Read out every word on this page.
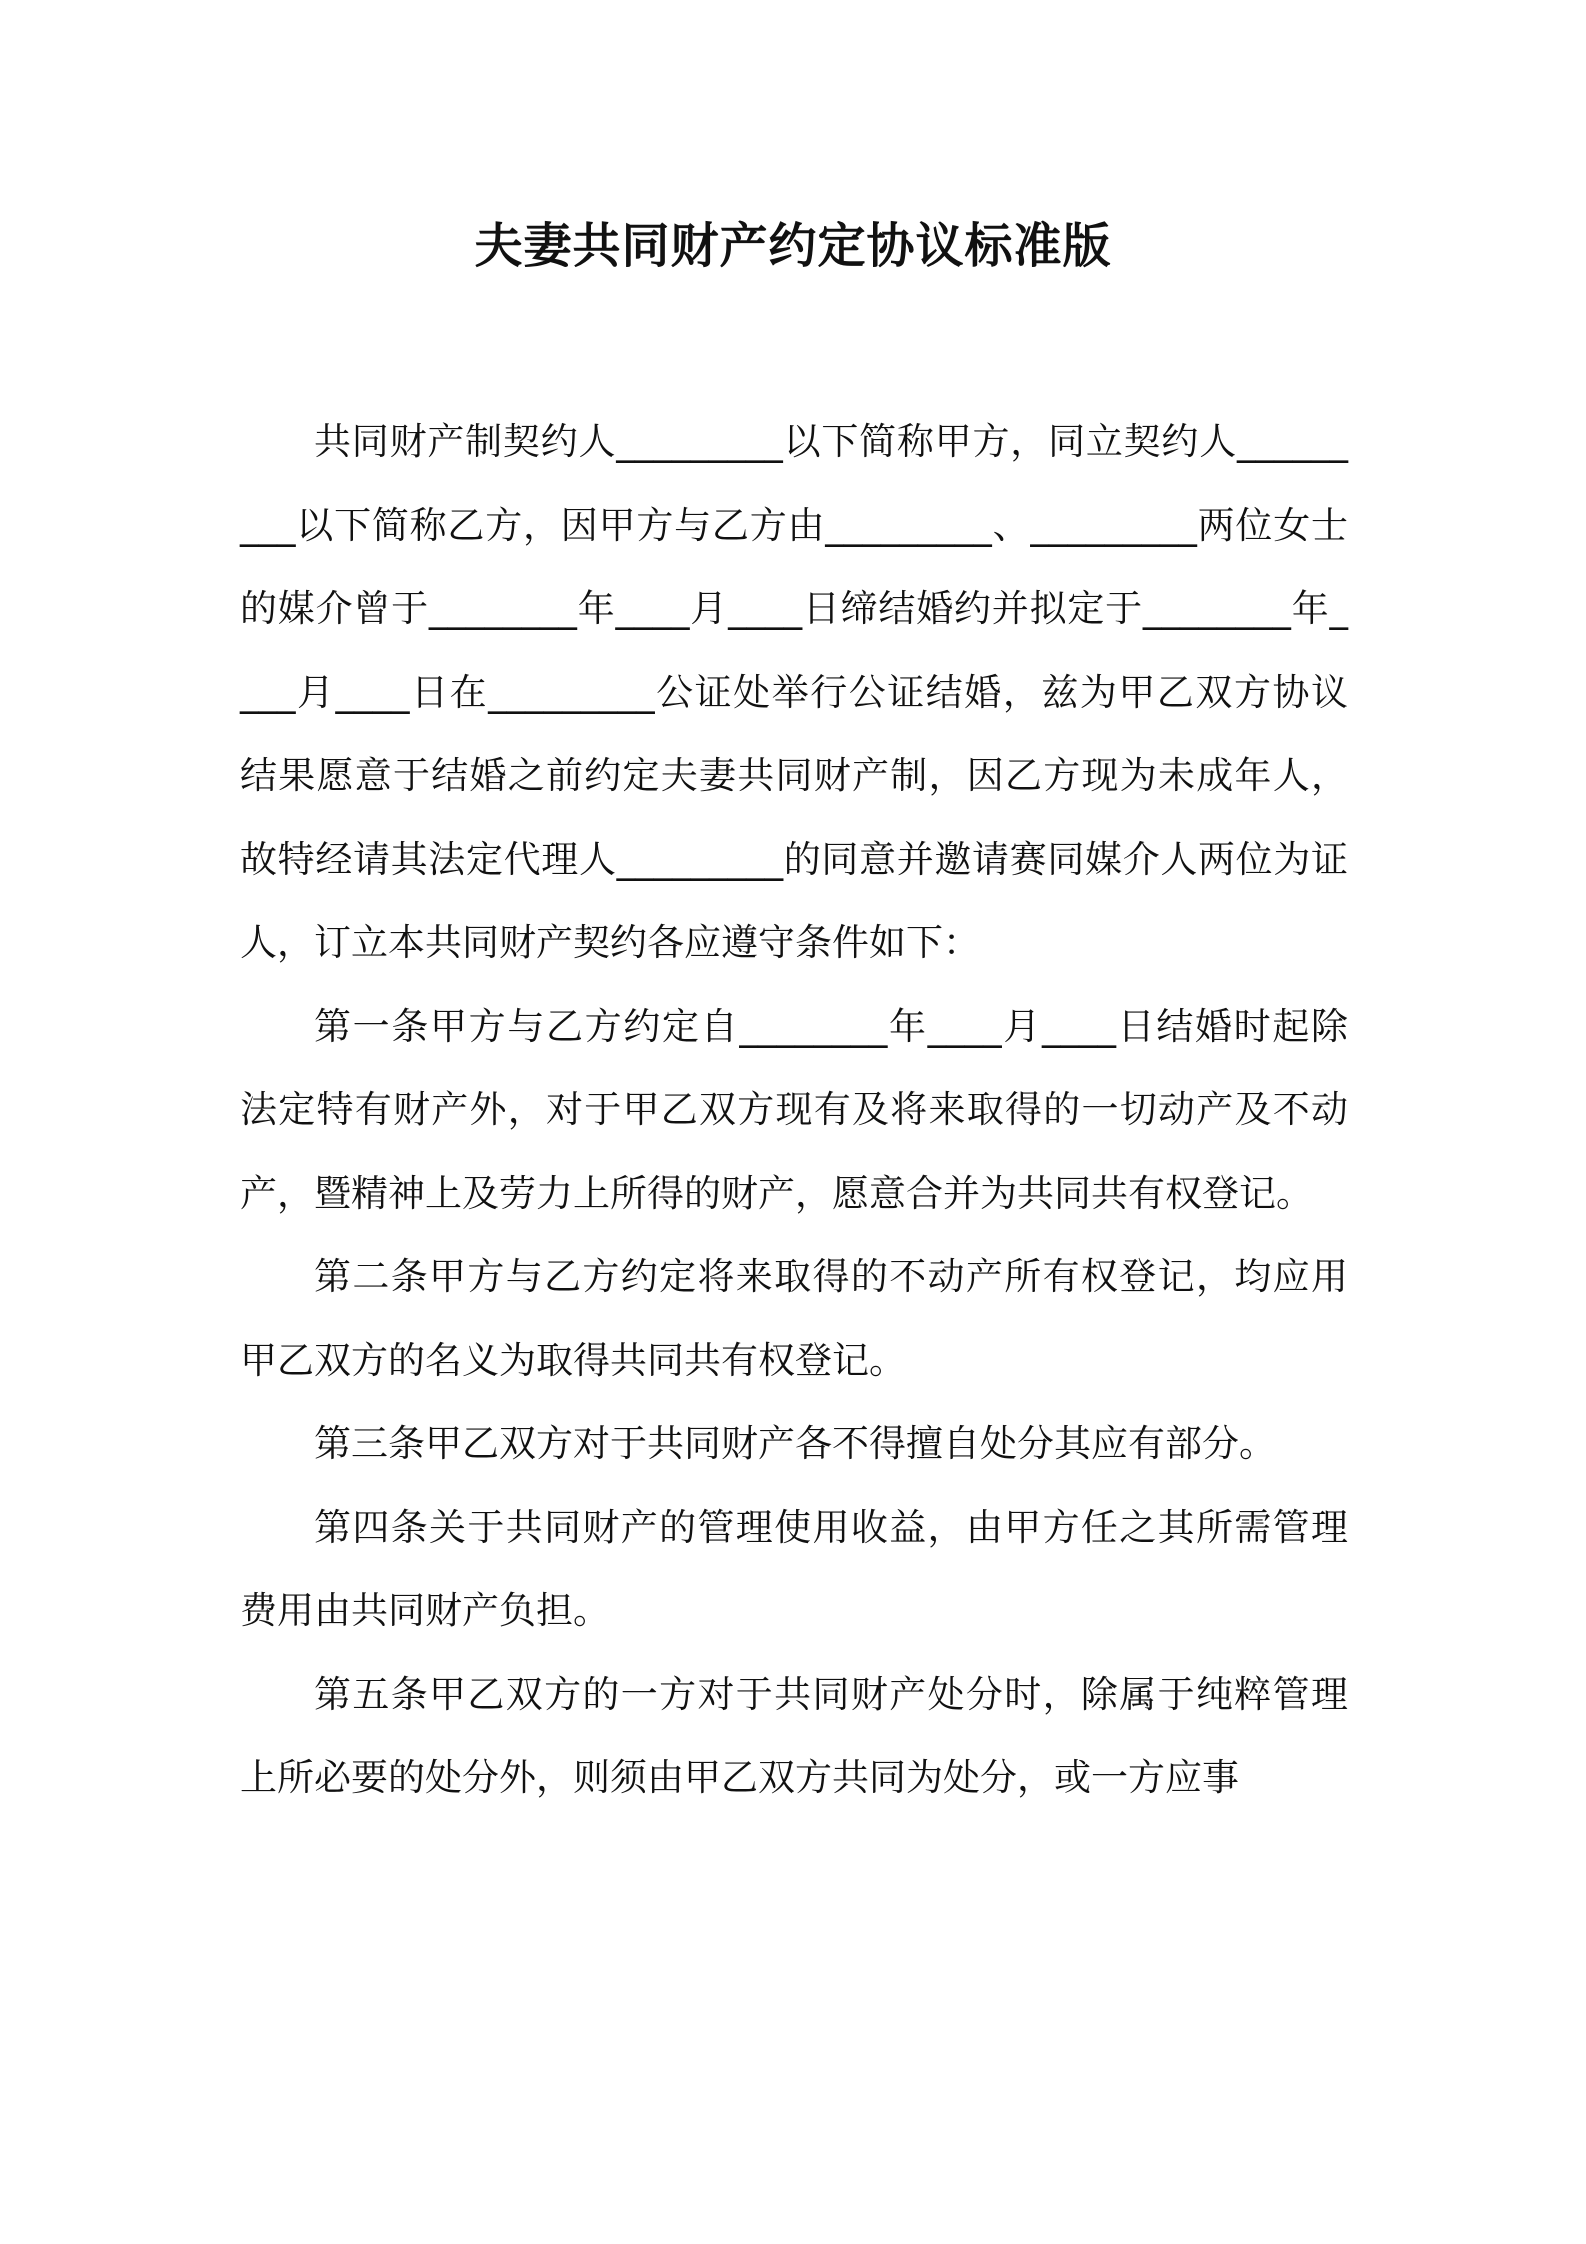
夫妻共同财产约定协议标准版

共同财产制契约人_________以下简称甲方，同立契约人_________以下简称乙方，因甲方与乙方由_________、_________两位女士的媒介曾于________年____月____日缔结婚约并拟定于________年____月____日在_________公证处举行公证结婚，兹为甲乙双方协议结果愿意于结婚之前约定夫妻共同财产制，因乙方现为未成年人，故特经请其法定代理人_________的同意并邀请赛同媒介人两位为证人，订立本共同财产契约各应遵守条件如下：

第一条甲方与乙方约定自________年____月____日结婚时起除法定特有财产外，对于甲乙双方现有及将来取得的一切动产及不动产，暨精神上及劳力上所得的财产，愿意合并为共同共有权登记。

第二条甲方与乙方约定将来取得的不动产所有权登记，均应用甲乙双方的名义为取得共同共有权登记。

第三条甲乙双方对于共同财产各不得擅自处分其应有部分。

第四条关于共同财产的管理使用收益，由甲方任之其所需管理费用由共同财产负担。

第五条甲乙双方的一方对于共同财产处分时，除属于纯粹管理上所必要的处分外，则须由甲乙双方共同为处分，或一方应事
